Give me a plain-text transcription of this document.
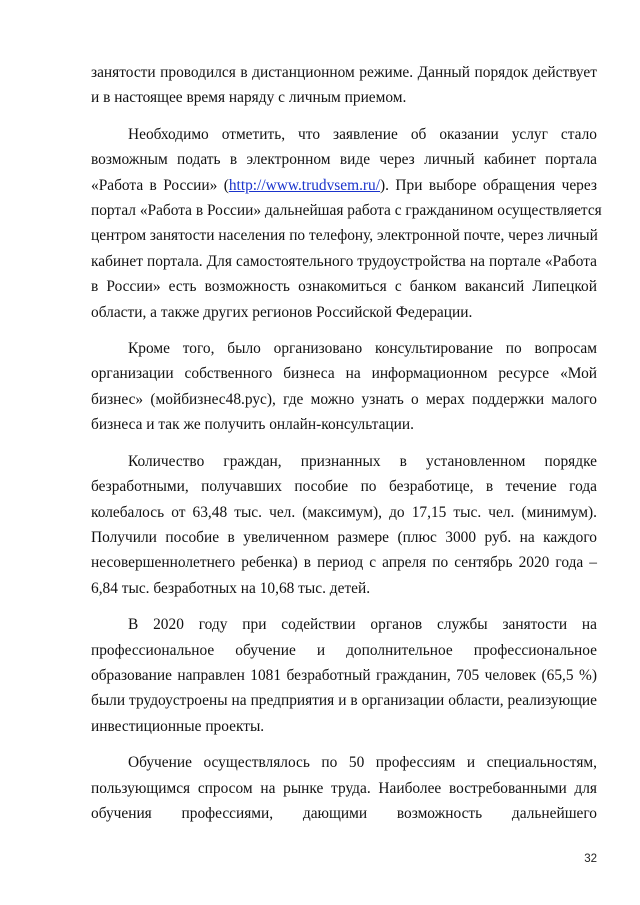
занятости проводился в дистанционном режиме. Данный порядок действует
и в настоящее время наряду с личным приемом.

Необходимо отметить, что заявление об оказании услуг стало
возможным подать в электронном виде через личный кабинет портала
«Работа в России» (http://www.trudvsem.ru/). При выборе обращения через
портал «Работа в России» дальнейшая работа с гражданином осуществляется
центром занятости населения по телефону, электронной почте, через личный
кабинет портала. Для самостоятельного трудоустройства на портале «Работа
в России» есть возможность ознакомиться с банком вакансий Липецкой
области, а также других регионов Российской Федерации.

Кроме того, было организовано консультирование по вопросам
организации собственного бизнеса на информационном ресурсе «Мой
бизнес» (мойбизнес48.рус), где можно узнать о мерах поддержки малого
бизнеса и так же получить онлайн-консультации.

Количество граждан, признанных в установленном порядке
безработными, получавших пособие по безработице, в течение года
колебалось от 63,48 тыс. чел. (максимум), до 17,15 тыс. чел. (минимум).
Получили пособие в увеличенном размере (плюс 3000 руб. на каждого
несовершеннолетнего ребенка) в период с апреля по сентябрь 2020 года –
6,84 тыс. безработных на 10,68 тыс. детей.

В 2020 году при содействии органов службы занятости на
профессиональное обучение и дополнительное профессиональное
образование направлен 1081 безработный гражданин, 705 человек (65,5 %)
были трудоустроены на предприятия и в организации области, реализующие
инвестиционные проекты.

Обучение осуществлялось по 50 профессиям и специальностям,
пользующимся спросом на рынке труда. Наиболее востребованными для
обучения профессиями, дающими возможность дальнейшего

32
